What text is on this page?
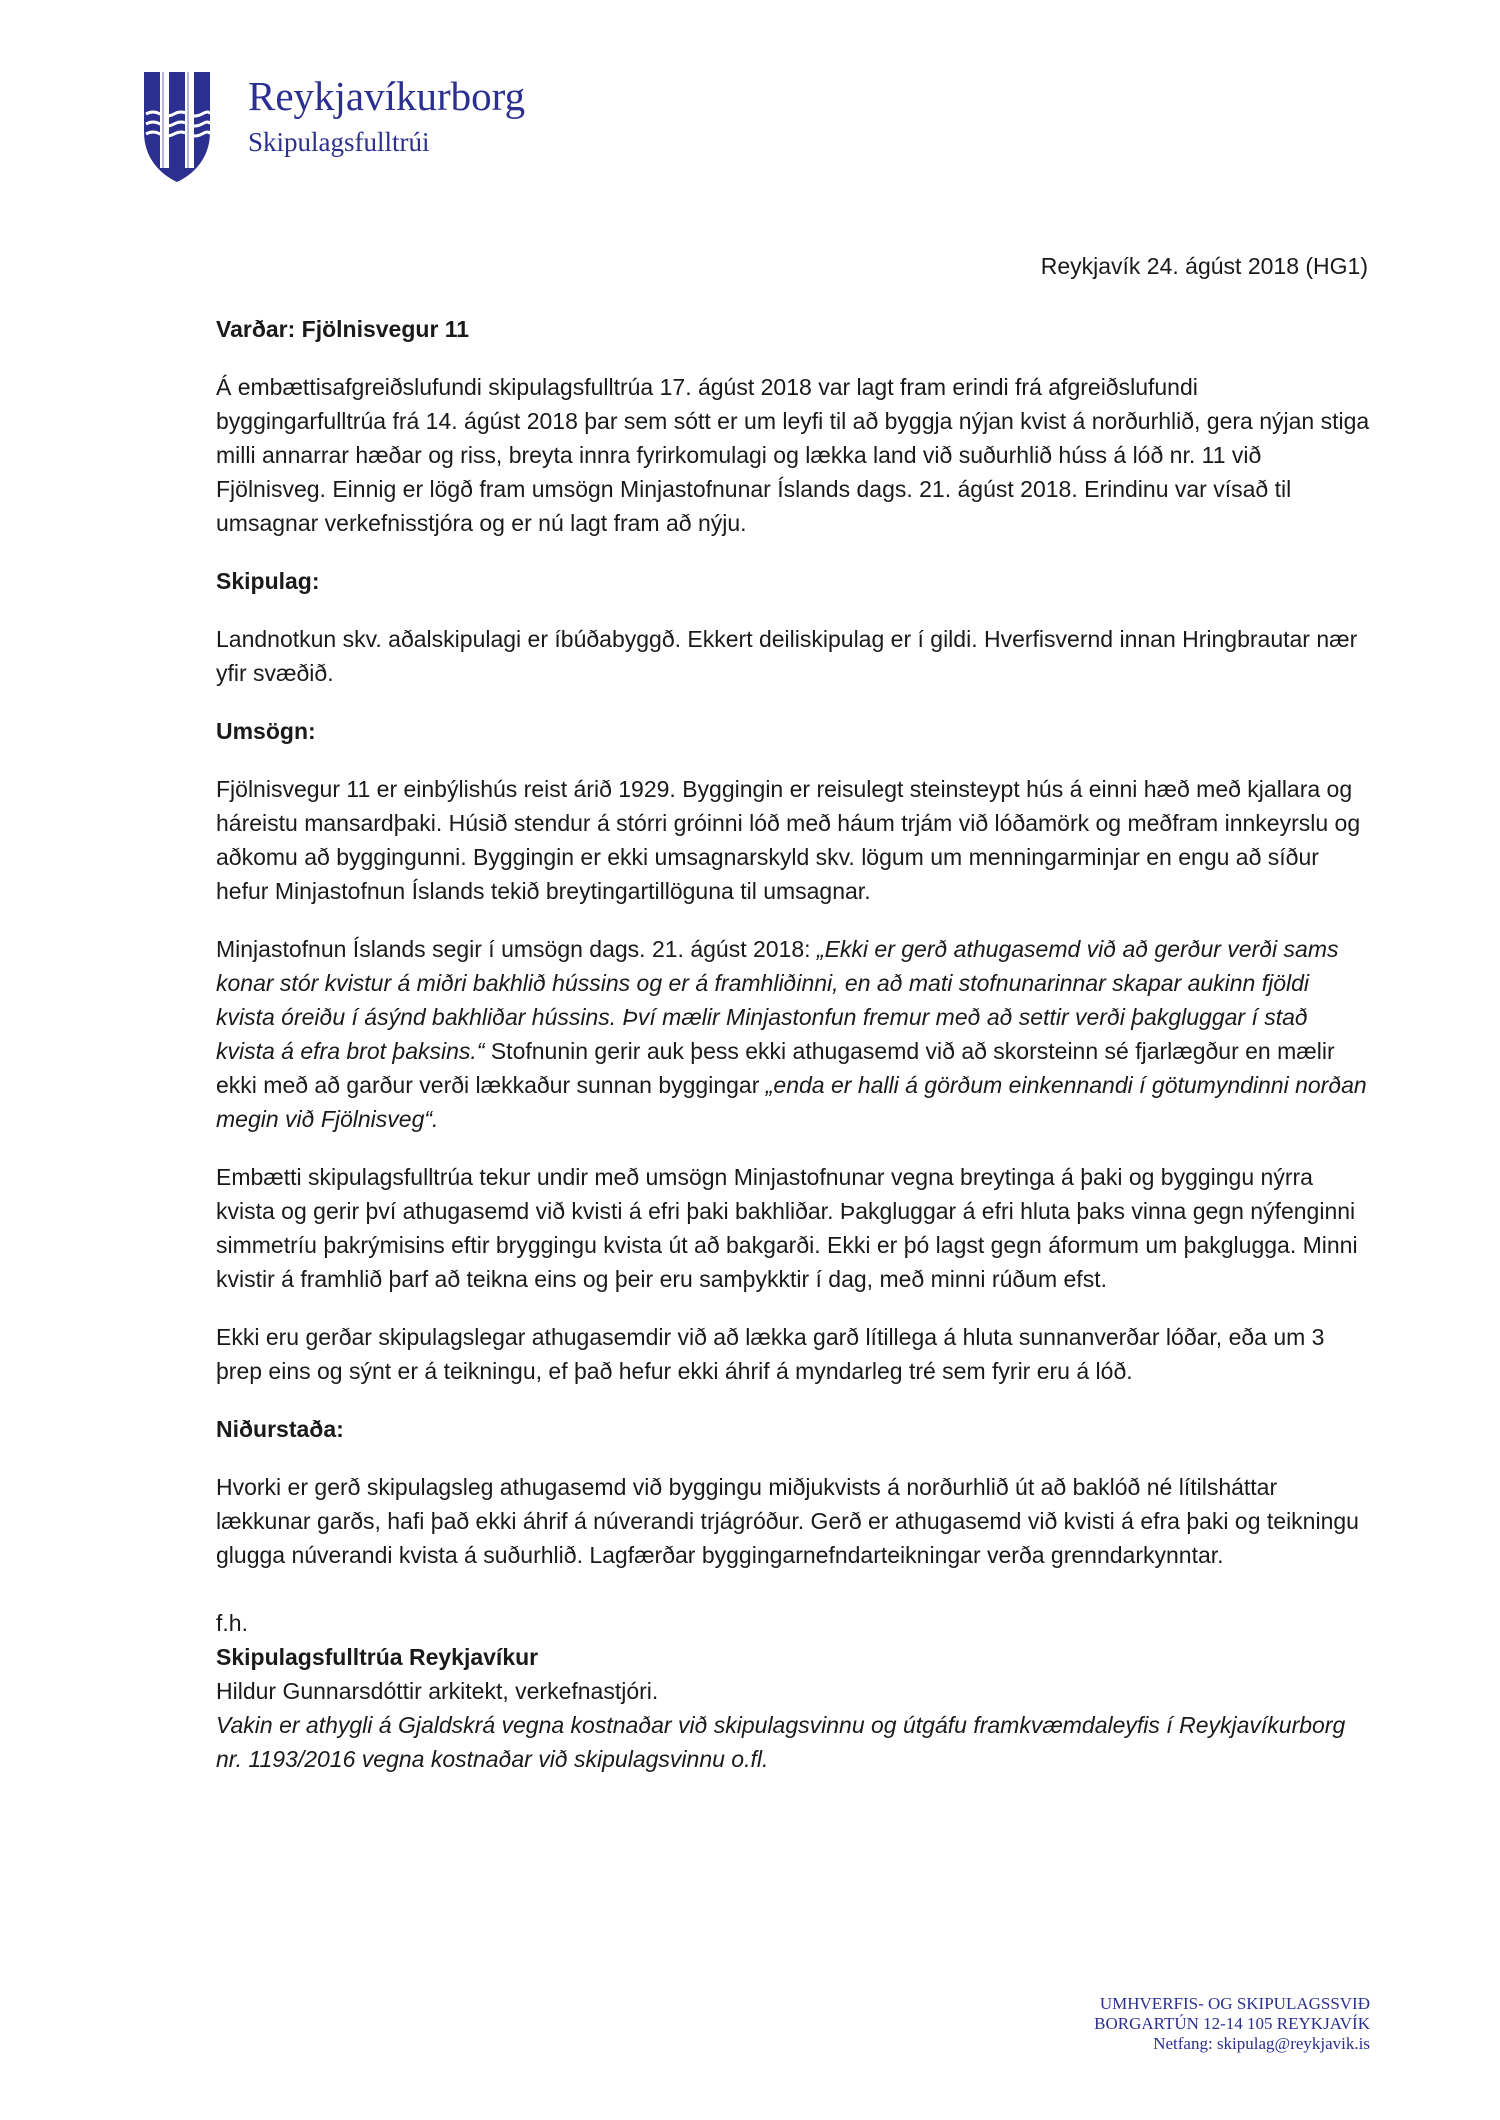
Reykjavíkurborg
Skipulagsfulltrúi
Reykjavík 24. ágúst 2018 (HG1)

Varðar: Fjölnisvegur 11

Á embættisafgreiðslufundi skipulagsfulltrúa 17. ágúst 2018 var lagt fram erindi frá afgreiðslufundi byggingarfulltrúa frá 14. ágúst 2018 þar sem sótt er um leyfi til að byggja nýjan kvist á norðurhlið, gera nýjan stiga milli annarrar hæðar og riss, breyta innra fyrirkomulagi og lækka land við suðurhlið húss á lóð nr. 11 við Fjölnisveg. Einnig er lögð fram umsögn Minjastofnunar Íslands dags. 21. ágúst 2018. Erindinu var vísað til umsagnar verkefnisstjóra og er nú lagt fram að nýju.

Skipulag:

Landnotkun skv. aðalskipulagi er íbúðabyggð. Ekkert deiliskipulag er í gildi. Hverfisvernd innan Hringbrautar nær yfir svæðið.

Umsögn:

Fjölnisvegur 11 er einbýlishús reist árið 1929. Byggingin er reisulegt steinsteypt hús á einni hæð með kjallara og háreistu mansardþaki. Húsið stendur á stórri gróinni lóð með háum trjám við lóðamörk og meðfram innkeyrslu og aðkomu að byggingunni. Byggingin er ekki umsagnarskyld skv. lögum um menningarminjar en engu að síður hefur Minjastofnun Íslands tekið breytingartillöguna til umsagnar.

Minjastofnun Íslands segir í umsögn dags. 21. ágúst 2018: „Ekki er gerð athugasemd við að gerður verði sams konar stór kvistur á miðri bakhlið hússins og er á framhliðinni, en að mati stofnunarinnar skapar aukinn fjöldi kvista óreiðu í ásýnd bakhliðar hússins. Því mælir Minjastonfun fremur með að settir verði þakgluggar í stað kvista á efra brot þaksins.“ Stofnunin gerir auk þess ekki athugasemd við að skorsteinn sé fjarlægður en mælir ekki með að garður verði lækkaður sunnan byggingar „enda er halli á görðum einkennandi í götumyndinni norðan megin við Fjölnisveg“.

Embætti skipulagsfulltrúa tekur undir með umsögn Minjastofnunar vegna breytinga á þaki og byggingu nýrra kvista og gerir því athugasemd við kvisti á efri þaki bakhliðar. Þakgluggar á efri hluta þaks vinna gegn nýfenginni simmetríu þakrýmisins eftir bryggingu kvista út að bakgarði. Ekki er þó lagst gegn áformum um þakglugga. Minni kvistir á framhlið þarf að teikna eins og þeir eru samþykktir í dag, með minni rúðum efst.

Ekki eru gerðar skipulagslegar athugasemdir við að lækka garð lítillega á hluta sunnanverðar lóðar, eða um 3 þrep eins og sýnt er á teikningu, ef það hefur ekki áhrif á myndarleg tré sem fyrir eru á lóð.

Niðurstaða:

Hvorki er gerð skipulagsleg athugasemd við byggingu miðjukvists á norðurhlið út að baklóð né lítilsháttar lækkunar garðs, hafi það ekki áhrif á núverandi trjágróður. Gerð er athugasemd við kvisti á efra þaki og teikningu glugga núverandi kvista á suðurhlið. Lagfærðar byggingarnefndarteikningar verða grenndarkynntar.

f.h.

Skipulagsfulltrúa Reykjavíkur

Hildur Gunnarsdóttir arkitekt, verkefnastjóri.

Vakin er athygli á Gjaldskrá vegna kostnaðar við skipulagsvinnu og útgáfu framkvæmdaleyfis í Reykjavíkurborg nr. 1193/2016 vegna kostnaðar við skipulagsvinnu o.fl.

UMHVERFIS- OG SKIPULAGSSVIÐ
BORGARTÚN 12-14 105 REYKJAVÍK
Netfang: skipulag@reykjavik.is
